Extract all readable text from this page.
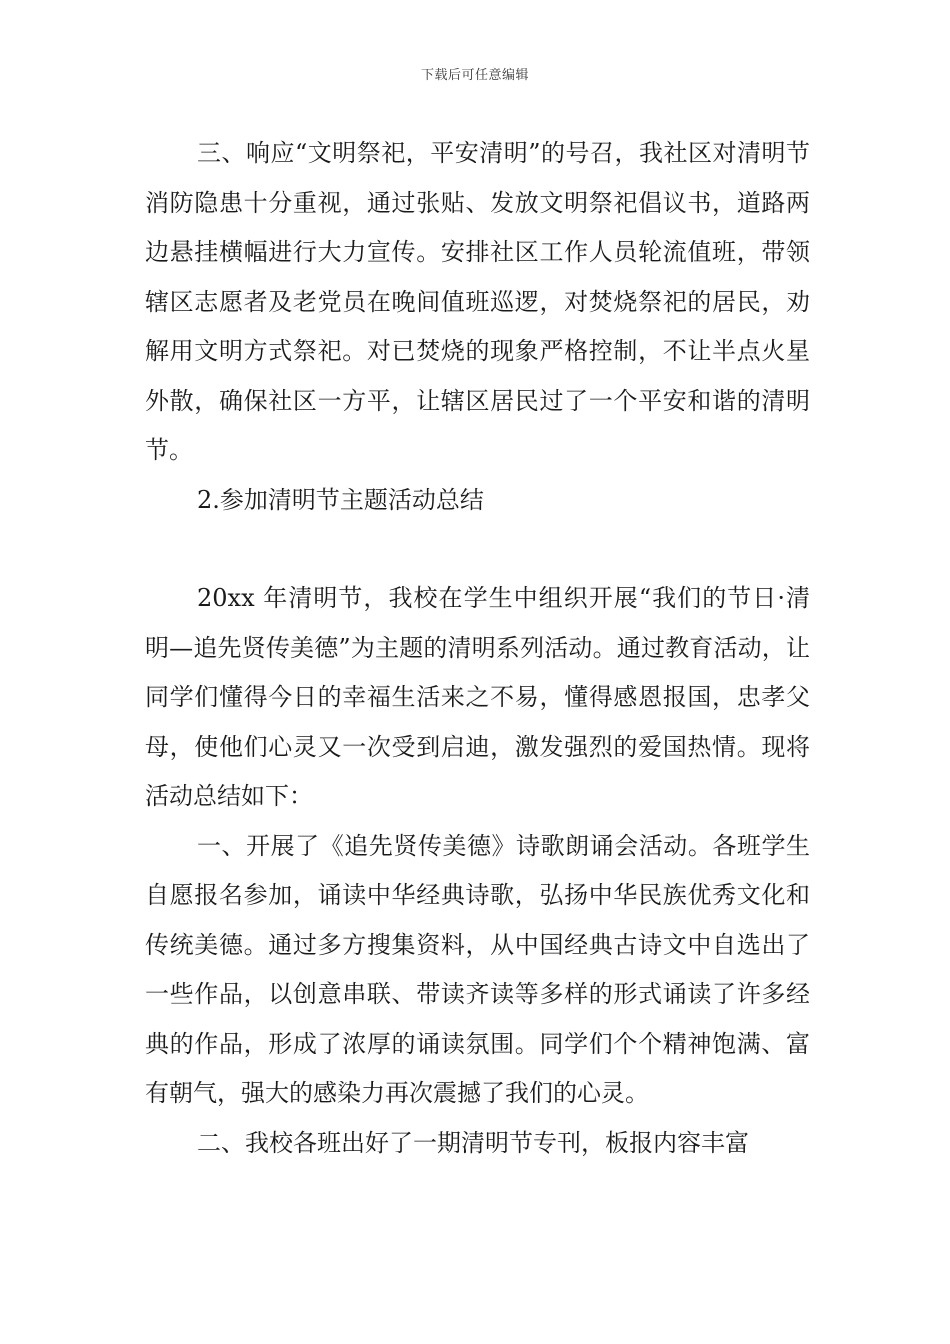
下载后可任意编辑

三、响应“文明祭祀，平安清明”的号召，我社区对清明节消防隐患十分重视，通过张贴、发放文明祭祀倡议书，道路两边悬挂横幅进行大力宣传。安排社区工作人员轮流值班，带领辖区志愿者及老党员在晚间值班巡逻，对焚烧祭祀的居民，劝解用文明方式祭祀。对已焚烧的现象严格控制，不让半点火星外散，确保社区一方平，让辖区居民过了一个平安和谐的清明节。

2.参加清明节主题活动总结

20xx 年清明节，我校在学生中组织开展“我们的节日·清明—追先贤传美德”为主题的清明系列活动。通过教育活动，让同学们懂得今日的幸福生活来之不易，懂得感恩报国，忠孝父母，使他们心灵又一次受到启迪，激发强烈的爱国热情。现将活动总结如下：

一、开展了《追先贤传美德》诗歌朗诵会活动。各班学生自愿报名参加，诵读中华经典诗歌，弘扬中华民族优秀文化和传统美德。通过多方搜集资料，从中国经典古诗文中自选出了一些作品，以创意串联、带读齐读等多样的形式诵读了许多经典的作品，形成了浓厚的诵读氛围。同学们个个精神饱满、富有朝气，强大的感染力再次震撼了我们的心灵。

二、我校各班出好了一期清明节专刊，板报内容丰富
